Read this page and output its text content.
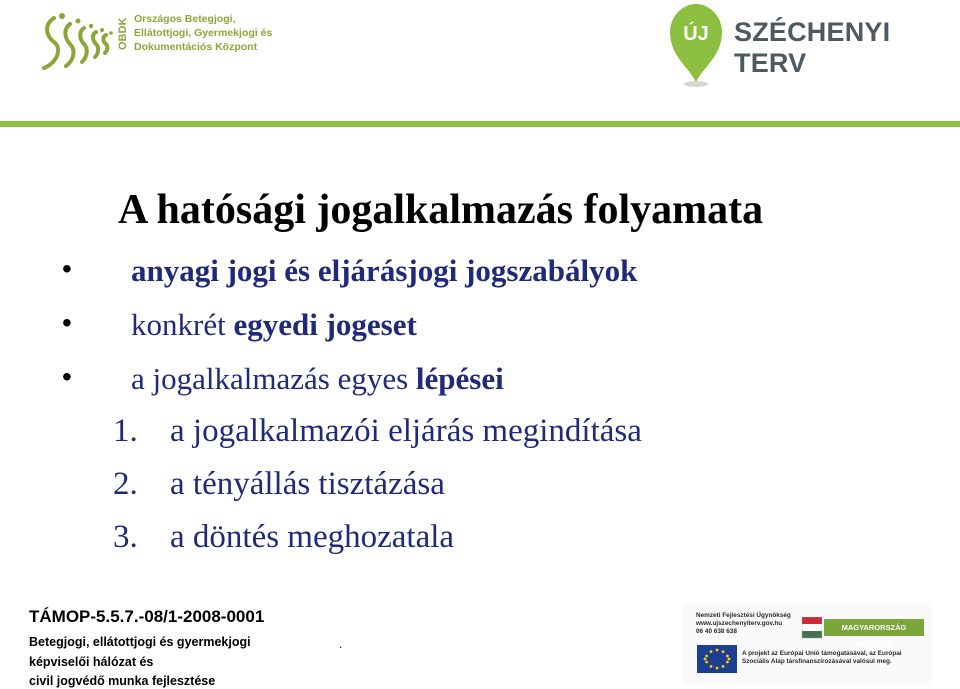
OBDK Országos Betegjogi,
Ellátottjogi, Gyermekjogi és
Dokumentációs Központ
ÚJ SZÉCHENYI TERV
A hatósági jogalkalmazás folyamata
• anyagi jogi és eljárásjogi jogszabályok
• konkrét egyedi jogeset
• a jogalkalmazás egyes lépései
1. a jogalkalmazói eljárás megindítása
2. a tényállás tisztázása
3. a döntés meghozatala
TÁMOP-5.5.7.-08/1-2008-0001
Betegjogi, ellátottjogi és gyermekjogi
képviselői hálózat és
civil jogvédő munka fejlesztése
.
Nemzeti Fejlesztési Ügynökség
www.ujszechenyiterv.gov.hu
06 40 638 638	MAGYARORSZÁG MEGÚJUL
A projekt az Európai Unió támogatásával, az Európai
Szociális Alap társfinanszírozásával valósul meg.
